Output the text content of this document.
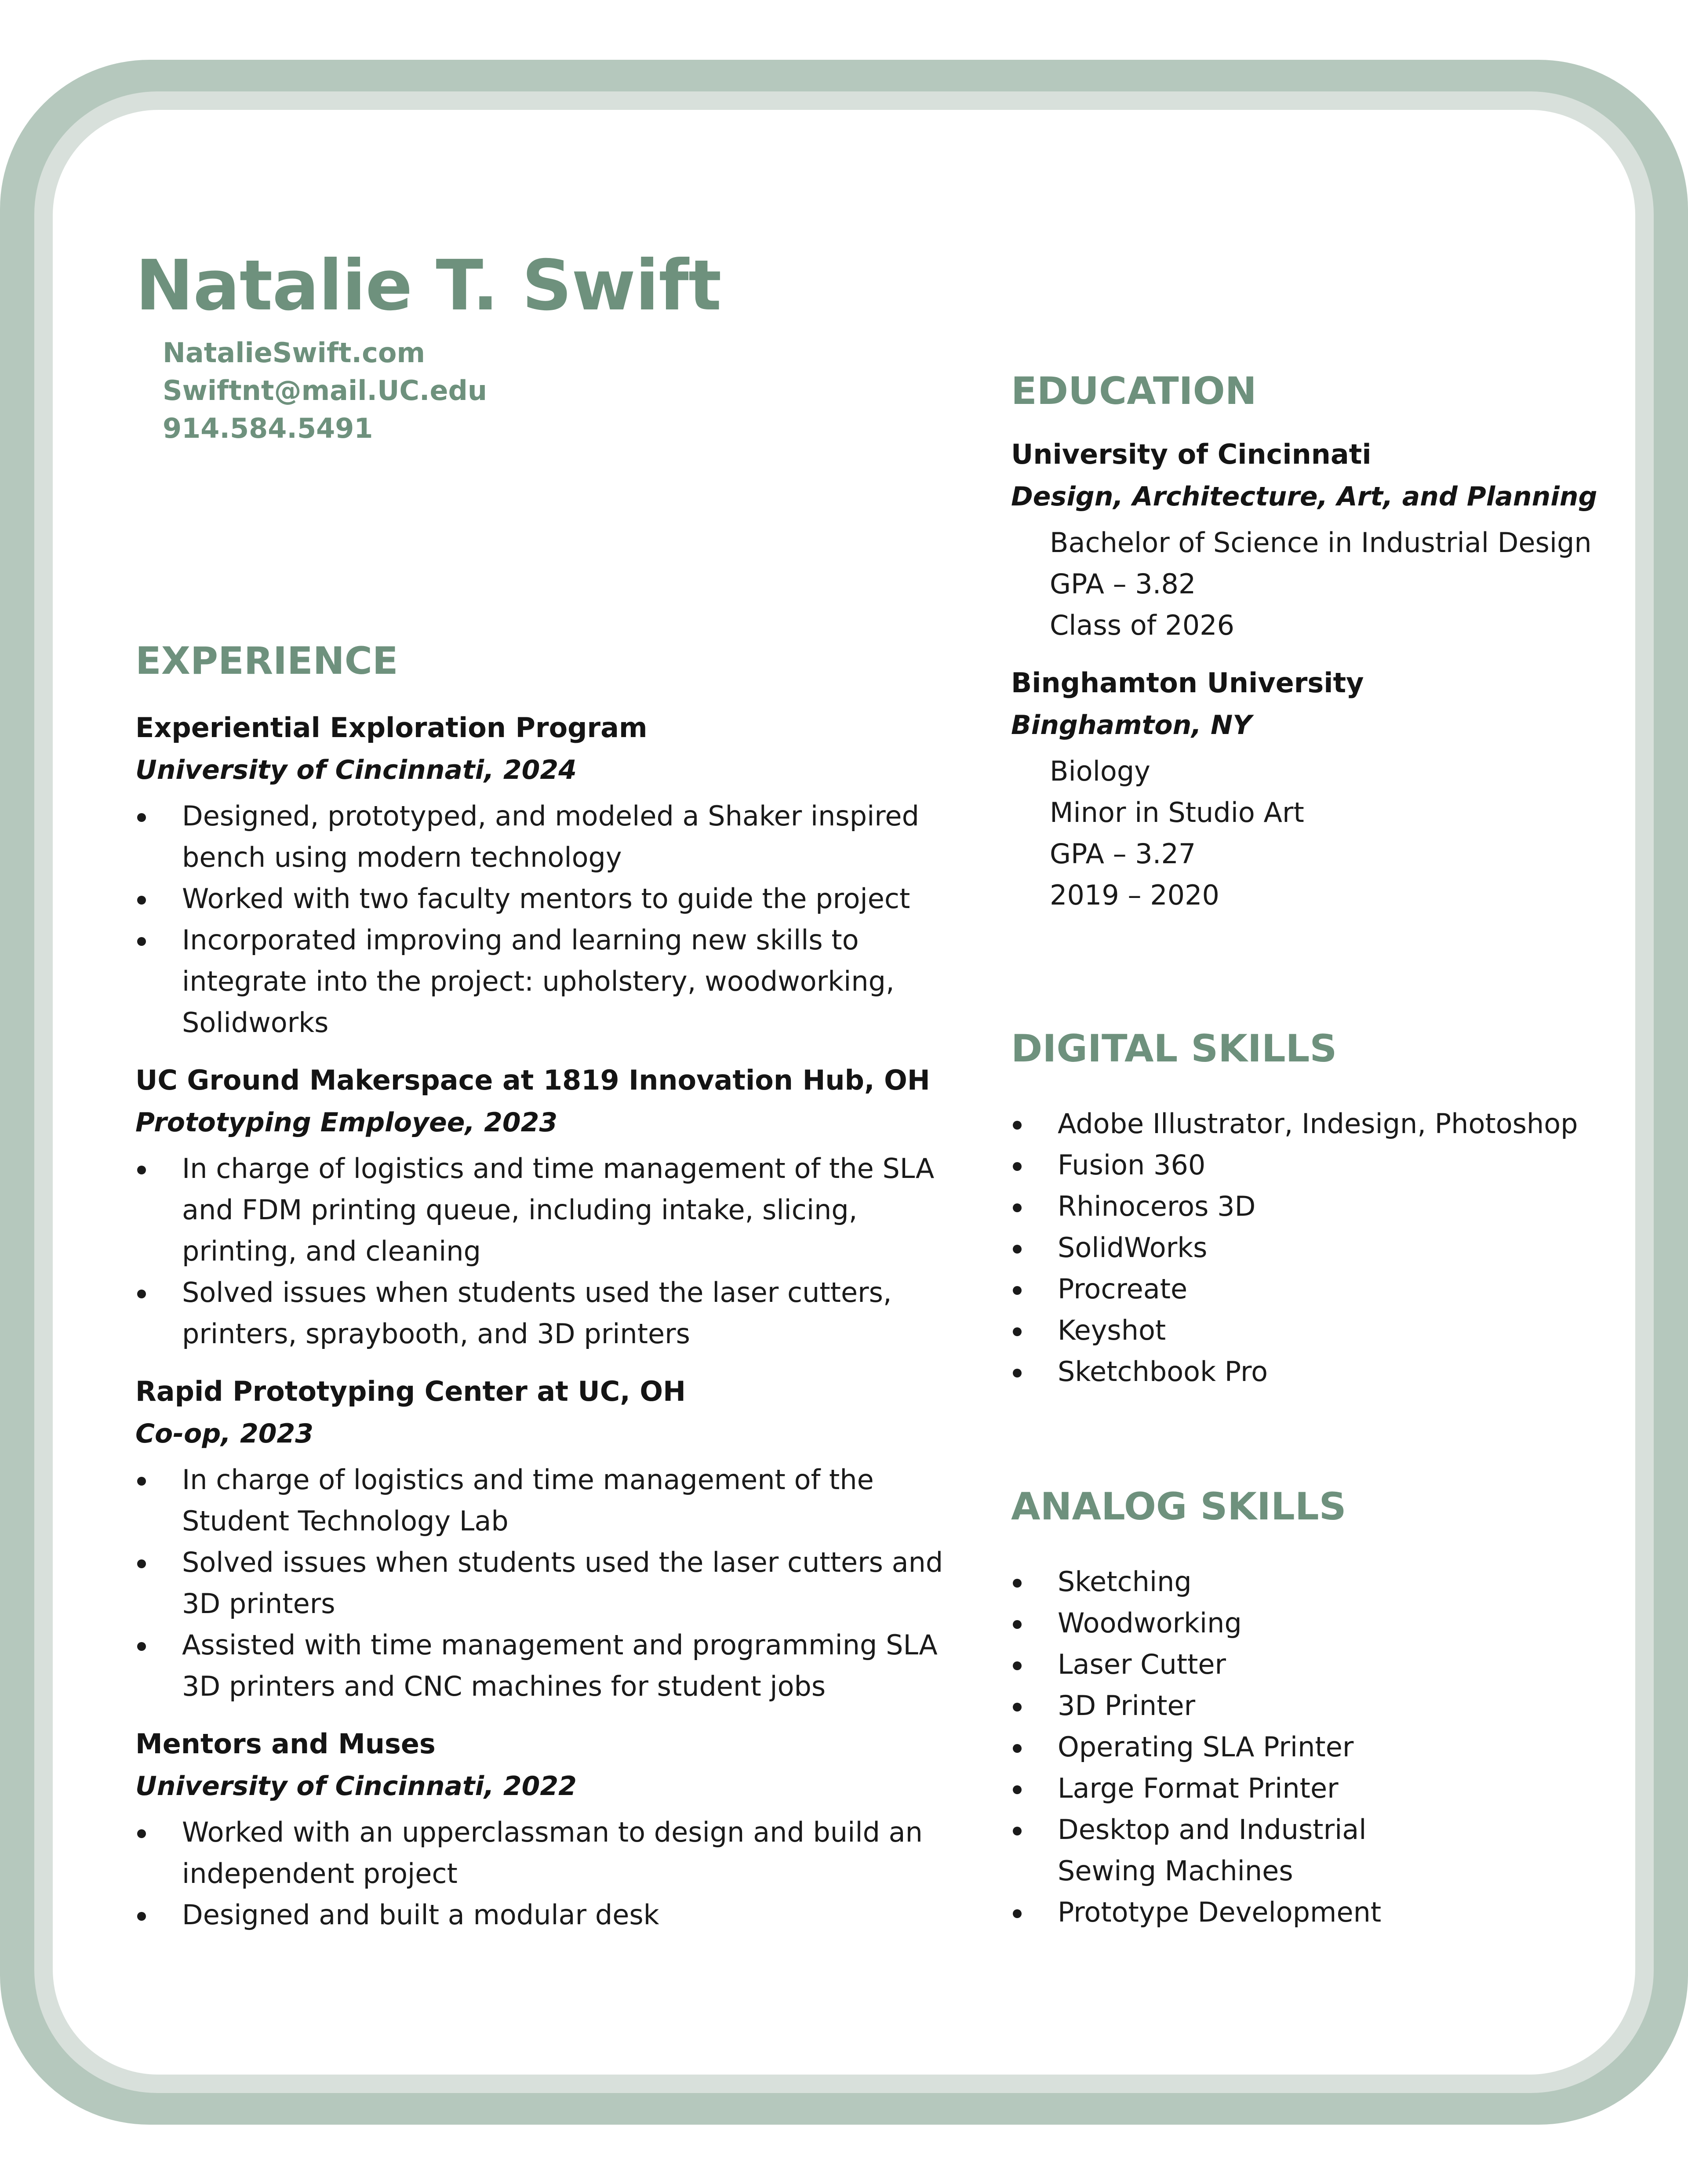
Natalie T. Swift
NatalieSwift.com
Swiftnt@mail.UC.edu
914.584.5491
EXPERIENCE
Experiential Exploration Program
University of Cincinnati, 2024
Designed, prototyped, and modeled a Shaker inspired bench using modern technology
Worked with two faculty mentors to guide the project
Incorporated improving and learning new skills to integrate into the project: upholstery, woodworking, Solidworks
UC Ground Makerspace at 1819 Innovation Hub, OH
Prototyping Employee, 2023
In charge of logistics and time management of the SLA and FDM printing queue, including intake, slicing, printing, and cleaning
Solved issues when students used the laser cutters, printers, spraybooth, and 3D printers
Rapid Prototyping Center at UC, OH
Co-op, 2023
In charge of logistics and time management of the Student Technology Lab
Solved issues when students used the laser cutters and 3D printers
Assisted with time management and programming SLA 3D printers and CNC machines for student jobs
Mentors and Muses
University of Cincinnati, 2022
Worked with an upperclassman to design and build an independent project
Designed and built a modular desk
EDUCATION
University of Cincinnati
Design, Architecture, Art, and Planning
Bachelor of Science in Industrial Design
GPA – 3.82
Class of 2026
Binghamton University
Binghamton, NY
Biology
Minor in Studio Art
GPA – 3.27
2019 – 2020
DIGITAL SKILLS
Adobe Illustrator, Indesign, Photoshop
Fusion 360
Rhinoceros 3D
SolidWorks
Procreate
Keyshot
Sketchbook Pro
ANALOG SKILLS
Sketching
Woodworking
Laser Cutter
3D Printer
Operating SLA Printer
Large Format Printer
Desktop and Industrial Sewing Machines
Prototype Development
